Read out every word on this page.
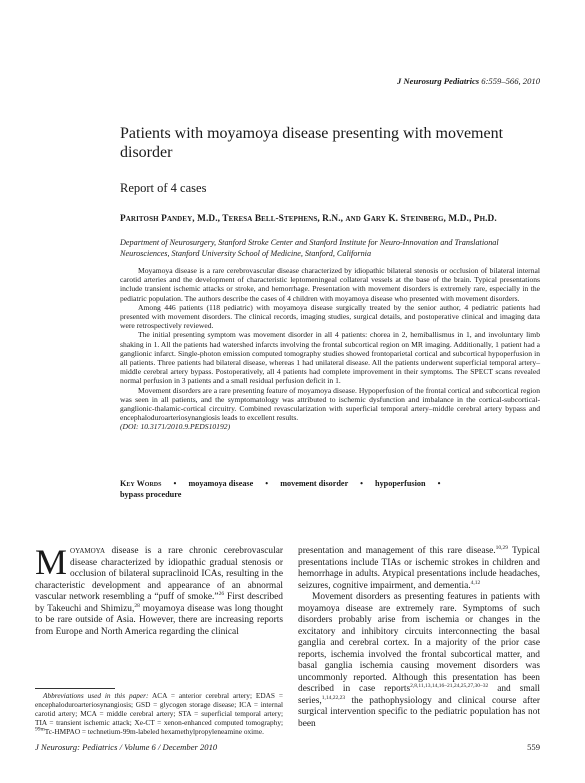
J Neurosurg Pediatrics 6:559–566, 2010
Patients with moyamoya disease presenting with movement disorder
Report of 4 cases
Paritosh Pandey, M.D., Teresa Bell-Stephens, R.N., and Gary K. Steinberg, M.D., Ph.D.
Department of Neurosurgery, Stanford Stroke Center and Stanford Institute for Neuro-Innovation and Translational Neurosciences, Stanford University School of Medicine, Stanford, California

Moyamoya disease is a rare cerebrovascular disease characterized by idiopathic bilateral stenosis or occlusion of bilateral internal carotid arteries and the development of characteristic leptomeningeal collateral vessels at the base of the brain. Typical presentations include transient ischemic attacks or stroke, and hemorrhage. Presentation with movement disorders is extremely rare, especially in the pediatric population. The authors describe the cases of 4 children with moyamoya disease who presented with movement disorders.

Among 446 patients (118 pediatric) with moyamoya disease surgically treated by the senior author, 4 pediatric patients had presented with movement disorders. The clinical records, imaging studies, surgical details, and postoperative clinical and imaging data were retrospectively reviewed.

The initial presenting symptom was movement disorder in all 4 patients: chorea in 2, hemiballismus in 1, and involuntary limb shaking in 1. All the patients had watershed infarcts involving the frontal subcortical region on MR imaging. Additionally, 1 patient had a ganglionic infarct. Single-photon emission computed tomography studies showed frontoparietal cortical and subcortical hypoperfusion in all patients. Three patients had bilateral disease, whereas 1 had unilateral disease. All the patients underwent superficial temporal artery–middle cerebral artery bypass. Postoperatively, all 4 patients had complete improvement in their symptoms. The SPECT scans revealed normal perfusion in 3 patients and a small residual perfusion deficit in 1.

Movement disorders are a rare presenting feature of moyamoya disease. Hypoperfusion of the frontal cortical and subcortical region was seen in all patients, and the symptomatology was attributed to ischemic dysfunction and imbalance in the cortical-subcortical-ganglionic-thalamic-cortical circuitry. Combined revascularization with superficial temporal artery–middle cerebral artery bypass and encephaloduroarteriosynangiosis leads to excellent results.
(DOI: 10.3171/2010.9.PEDS10192)

Key Words • moyamoya disease • movement disorder • hypoperfusion •
bypass procedure

Moyamoya disease is a rare chronic cerebrovascular disease characterized by idiopathic gradual stenosis or occlusion of bilateral supraclinoid ICAs, resulting in the characteristic development and appearance of an abnormal vascular network resembling a “puff of smoke.”$^{26}$ First described by Takeuchi and Shimizu,$^{28}$ moyamoya disease was long thought to be rare outside of Asia. However, there are increasing reports from Europe and North America regarding the clinical

Abbreviations used in this paper: ACA = anterior cerebral artery; EDAS = encephaloduroarteriosynangiosis; GSD = glycogen storage disease; ICA = internal carotid artery; MCA = middle cerebral artery; STA = superficial temporal artery; TIA = transient ischemic attack; Xe-CT = xenon-enhanced computed tomography; $^{99m}$Tc-HMPAO = technetium-99m-labeled hexamethylpropyleneamine oxime.

presentation and management of this rare disease.$^{10,29}$ Typical presentations include TIAs or ischemic strokes in children and hemorrhage in adults. Atypical presentations include headaches, seizures, cognitive impairment, and dementia.$^{4,12}$

Movement disorders as presenting features in patients with moyamoya disease are extremely rare. Symptoms of such disorders probably arise from ischemia or changes in the excitatory and inhibitory circuits interconnecting the basal ganglia and cerebral cortex. In a majority of the prior case reports, ischemia involved the frontal subcortical matter, and basal ganglia ischemia causing movement disorders was uncommonly reported. Although this presentation has been described in case reports$^{2,8,11,13,14,16-21,24,25,27,30-32}$ and small series,$^{1,14,22,23}$ the pathophysiology and clinical course after surgical intervention specific to the pediatric population has not been

J Neurosurg: Pediatrics / Volume 6 / December 2010	559
